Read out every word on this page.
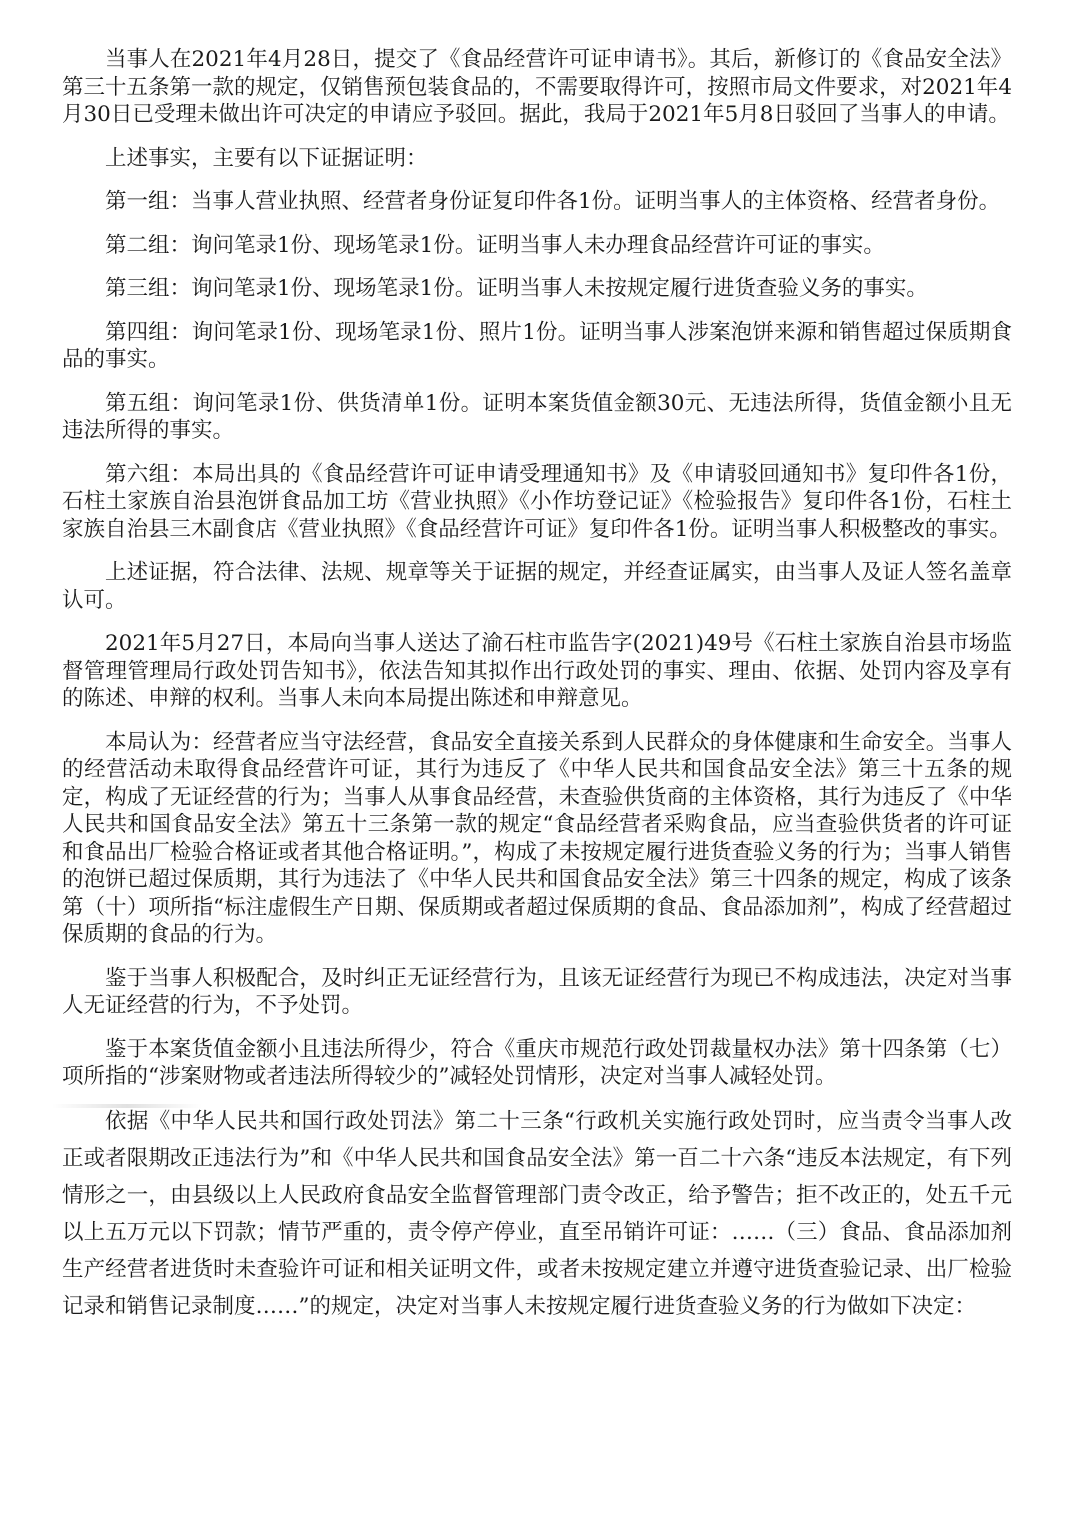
当事人在2021年4月28日，提交了《食品经营许可证申请书》。其后，新修订的《食品安全法》第三十五条第一款的规定，仅销售预包装食品的，不需要取得许可，按照市局文件要求，对2021年4月30日已受理未做出许可决定的申请应予驳回。据此，我局于2021年5月8日驳回了当事人的申请。

上述事实，主要有以下证据证明：

第一组：当事人营业执照、经营者身份证复印件各1份。证明当事人的主体资格、经营者身份。

第二组：询问笔录1份、现场笔录1份。证明当事人未办理食品经营许可证的事实。

第三组：询问笔录1份、现场笔录1份。证明当事人未按规定履行进货查验义务的事实。

第四组：询问笔录1份、现场笔录1份、照片1份。证明当事人涉案泡饼来源和销售超过保质期食品的事实。

第五组：询问笔录1份、供货清单1份。证明本案货值金额30元、无违法所得，货值金额小且无违法所得的事实。

第六组：本局出具的《食品经营许可证申请受理通知书》及《申请驳回通知书》复印件各1份，石柱土家族自治县泡饼食品加工坊《营业执照》《小作坊登记证》《检验报告》复印件各1份，石柱土家族自治县三木副食店《营业执照》《食品经营许可证》复印件各1份。证明当事人积极整改的事实。

上述证据，符合法律、法规、规章等关于证据的规定，并经查证属实，由当事人及证人签名盖章认可。

2021年5月27日，本局向当事人送达了渝石柱市监告字(2021)49号《石柱土家族自治县市场监督管理管理局行政处罚告知书》，依法告知其拟作出行政处罚的事实、理由、依据、处罚内容及享有的陈述、申辩的权利。当事人未向本局提出陈述和申辩意见。

本局认为：经营者应当守法经营，食品安全直接关系到人民群众的身体健康和生命安全。当事人的经营活动未取得食品经营许可证，其行为违反了《中华人民共和国食品安全法》第三十五条的规定，构成了无证经营的行为；当事人从事食品经营，未查验供货商的主体资格，其行为违反了《中华人民共和国食品安全法》第五十三条第一款的规定“食品经营者采购食品，应当查验供货者的许可证和食品出厂检验合格证或者其他合格证明。”，构成了未按规定履行进货查验义务的行为；当事人销售的泡饼已超过保质期，其行为违法了《中华人民共和国食品安全法》第三十四条的规定，构成了该条第（十）项所指“标注虚假生产日期、保质期或者超过保质期的食品、食品添加剂”，构成了经营超过保质期的食品的行为。

鉴于当事人积极配合，及时纠正无证经营行为，且该无证经营行为现已不构成违法，决定对当事人无证经营的行为，不予处罚。

鉴于本案货值金额小且违法所得少，符合《重庆市规范行政处罚裁量权办法》第十四条第（七）项所指的“涉案财物或者违法所得较少的”减轻处罚情形，决定对当事人减轻处罚。

依据《中华人民共和国行政处罚法》第二十三条“行政机关实施行政处罚时，应当责令当事人改正或者限期改正违法行为”和《中华人民共和国食品安全法》第一百二十六条“违反本法规定，有下列情形之一，由县级以上人民政府食品安全监督管理部门责令改正，给予警告；拒不改正的，处五千元以上五万元以下罚款；情节严重的，责令停产停业，直至吊销许可证：……（三）食品、食品添加剂生产经营者进货时未查验许可证和相关证明文件，或者未按规定建立并遵守进货查验记录、出厂检验记录和销售记录制度……”的规定，决定对当事人未按规定履行进货查验义务的行为做如下决定：
